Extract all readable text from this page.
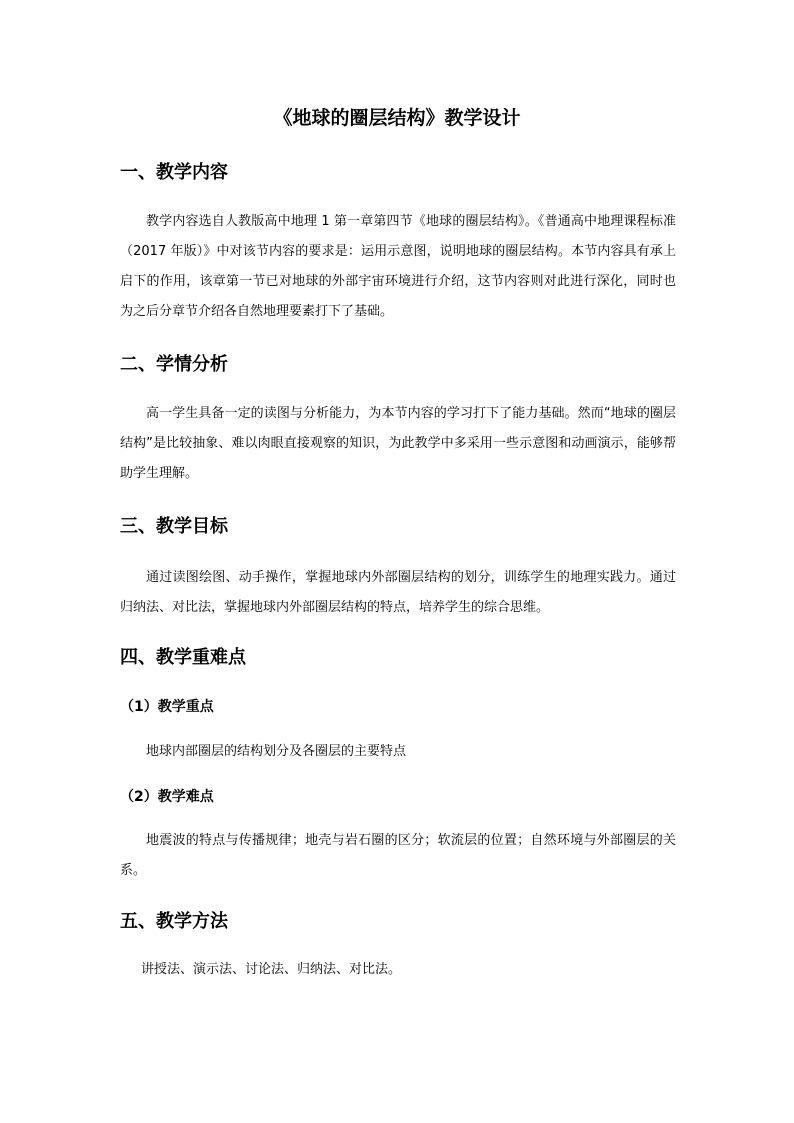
《地球的圈层结构》教学设计
一、教学内容
教学内容选自人教版高中地理 1 第一章第四节《地球的圈层结构》。《普通高中地理课程标准（2017 年版）》中对该节内容的要求是：运用示意图，说明地球的圈层结构。本节内容具有承上启下的作用，该章第一节已对地球的外部宇宙环境进行介绍，这节内容则对此进行深化，同时也为之后分章节介绍各自然地理要素打下了基础。
二、学情分析
高一学生具备一定的读图与分析能力，为本节内容的学习打下了能力基础。然而“地球的圈层结构”是比较抽象、难以肉眼直接观察的知识，为此教学中多采用一些示意图和动画演示，能够帮助学生理解。
三、教学目标
通过读图绘图、动手操作，掌握地球内外部圈层结构的划分，训练学生的地理实践力。通过归纳法、对比法，掌握地球内外部圈层结构的特点，培养学生的综合思维。
四、教学重难点
（1）教学重点
地球内部圈层的结构划分及各圈层的主要特点
（2）教学难点
地震波的特点与传播规律；地壳与岩石圈的区分；软流层的位置；自然环境与外部圈层的关系。
五、教学方法
讲授法、演示法、讨论法、归纳法、对比法。
